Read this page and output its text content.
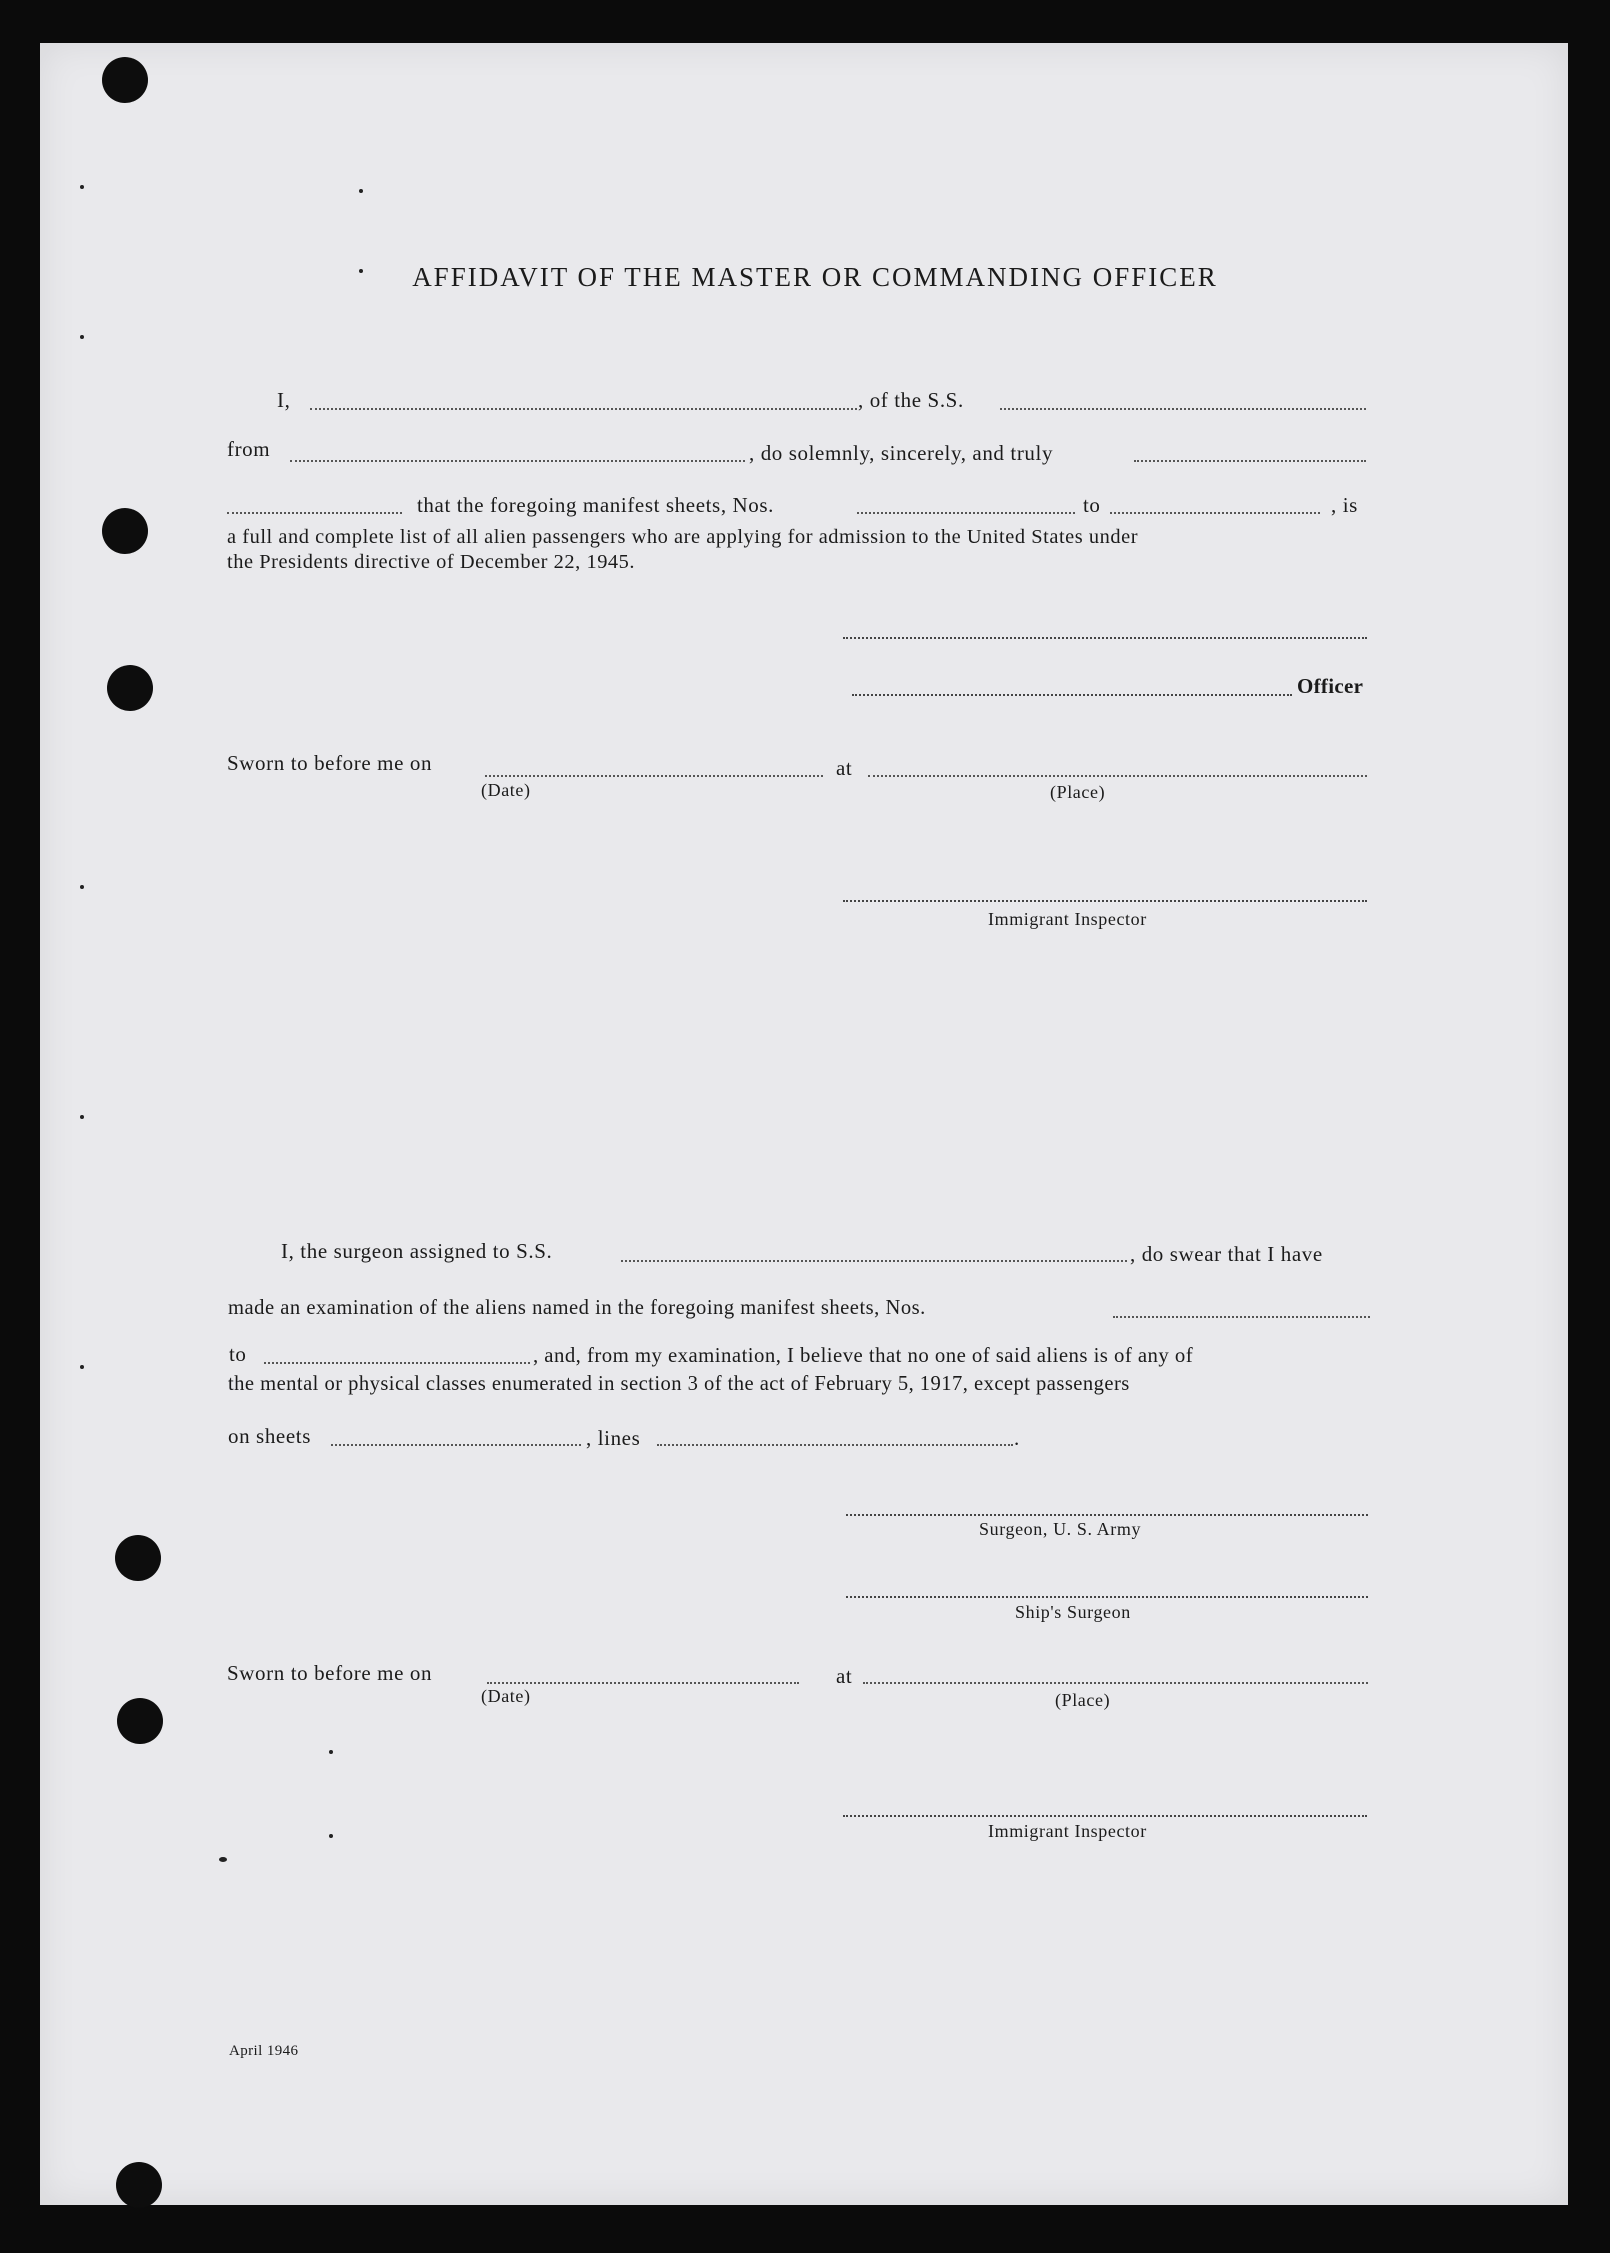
AFFIDAVIT OF THE MASTER OR COMMANDING OFFICER
I,	, of the S.S.
from	, do solemnly, sincerely, and truly
that the foregoing manifest sheets, Nos.	to	, is
a full and complete list of all alien passengers who are applying for admission to the United States under
the Presidents directive of December 22, 1945.
Officer
Sworn to before me on	at
(Date)	(Place)
Immigrant Inspector
I, the surgeon assigned to S.S.	, do swear that I have
made an examination of the aliens named in the foregoing manifest sheets, Nos.
to	, and, from my examination, I believe that no one of said aliens is of any of
the mental or physical classes enumerated in section 3 of the act of February 5, 1917, except passengers
on sheets	, lines	.
Surgeon, U. S. Army
Ship's Surgeon
Sworn to before me on	at
(Date)	(Place)
Immigrant Inspector
April 1946
